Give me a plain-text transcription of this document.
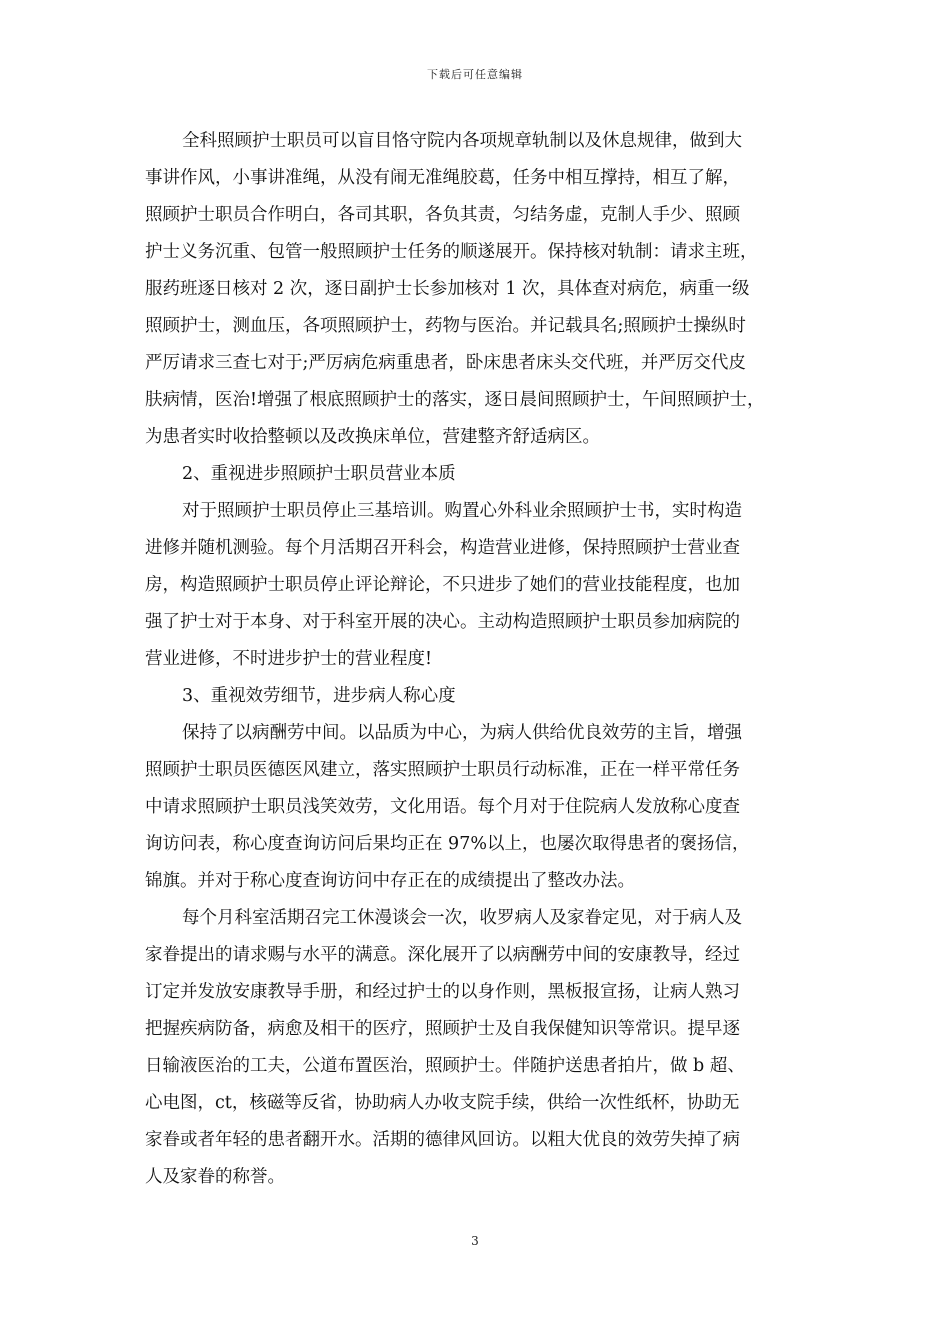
下载后可任意编辑
全科照顾护士职员可以盲目恪守院内各项规章轨制以及休息规律，做到大
事讲作风，小事讲准绳，从没有闹无准绳胶葛，任务中相互撑持，相互了解，
照顾护士职员合作明白，各司其职，各负其责，匀结务虚，克制人手少、照顾
护士义务沉重、包管一般照顾护士任务的顺遂展开。保持核对轨制：请求主班，
服药班逐日核对 2 次，逐日副护士长参加核对 1 次，具体查对病危，病重一级
照顾护士，测血压，各项照顾护士，药物与医治。并记载具名;照顾护士操纵时
严厉请求三查七对于;严厉病危病重患者，卧床患者床头交代班，并严厉交代皮
肤病情，医治!增强了根底照顾护士的落实，逐日晨间照顾护士，午间照顾护士，
为患者实时收拾整顿以及改换床单位，营建整齐舒适病区。
2、重视进步照顾护士职员营业本质
对于照顾护士职员停止三基培训。购置心外科业余照顾护士书，实时构造
进修并随机测验。每个月活期召开科会，构造营业进修，保持照顾护士营业查
房，构造照顾护士职员停止评论辩论，不只进步了她们的营业技能程度，也加
强了护士对于本身、对于科室开展的决心。主动构造照顾护士职员参加病院的
营业进修，不时进步护士的营业程度!
3、重视效劳细节，进步病人称心度
保持了以病酬劳中间。以品质为中心，为病人供给优良效劳的主旨，增强
照顾护士职员医德医风建立，落实照顾护士职员行动标准，正在一样平常任务
中请求照顾护士职员浅笑效劳，文化用语。每个月对于住院病人发放称心度查
询访问表，称心度查询访问后果均正在 97%以上，也屡次取得患者的褒扬信，
锦旗。并对于称心度查询访问中存正在的成绩提出了整改办法。
每个月科室活期召完工休漫谈会一次，收罗病人及家眷定见，对于病人及
家眷提出的请求赐与水平的满意。深化展开了以病酬劳中间的安康教导，经过
订定并发放安康教导手册，和经过护士的以身作则，黑板报宣扬，让病人熟习
把握疾病防备，病愈及相干的医疗，照顾护士及自我保健知识等常识。提早逐
日输液医治的工夫，公道布置医治，照顾护士。伴随护送患者拍片，做 b 超、
心电图，ct，核磁等反省，协助病人办收支院手续，供给一次性纸杯，协助无
家眷或者年轻的患者翻开水。活期的德律风回访。以粗大优良的效劳失掉了病
人及家眷的称誉。
3
